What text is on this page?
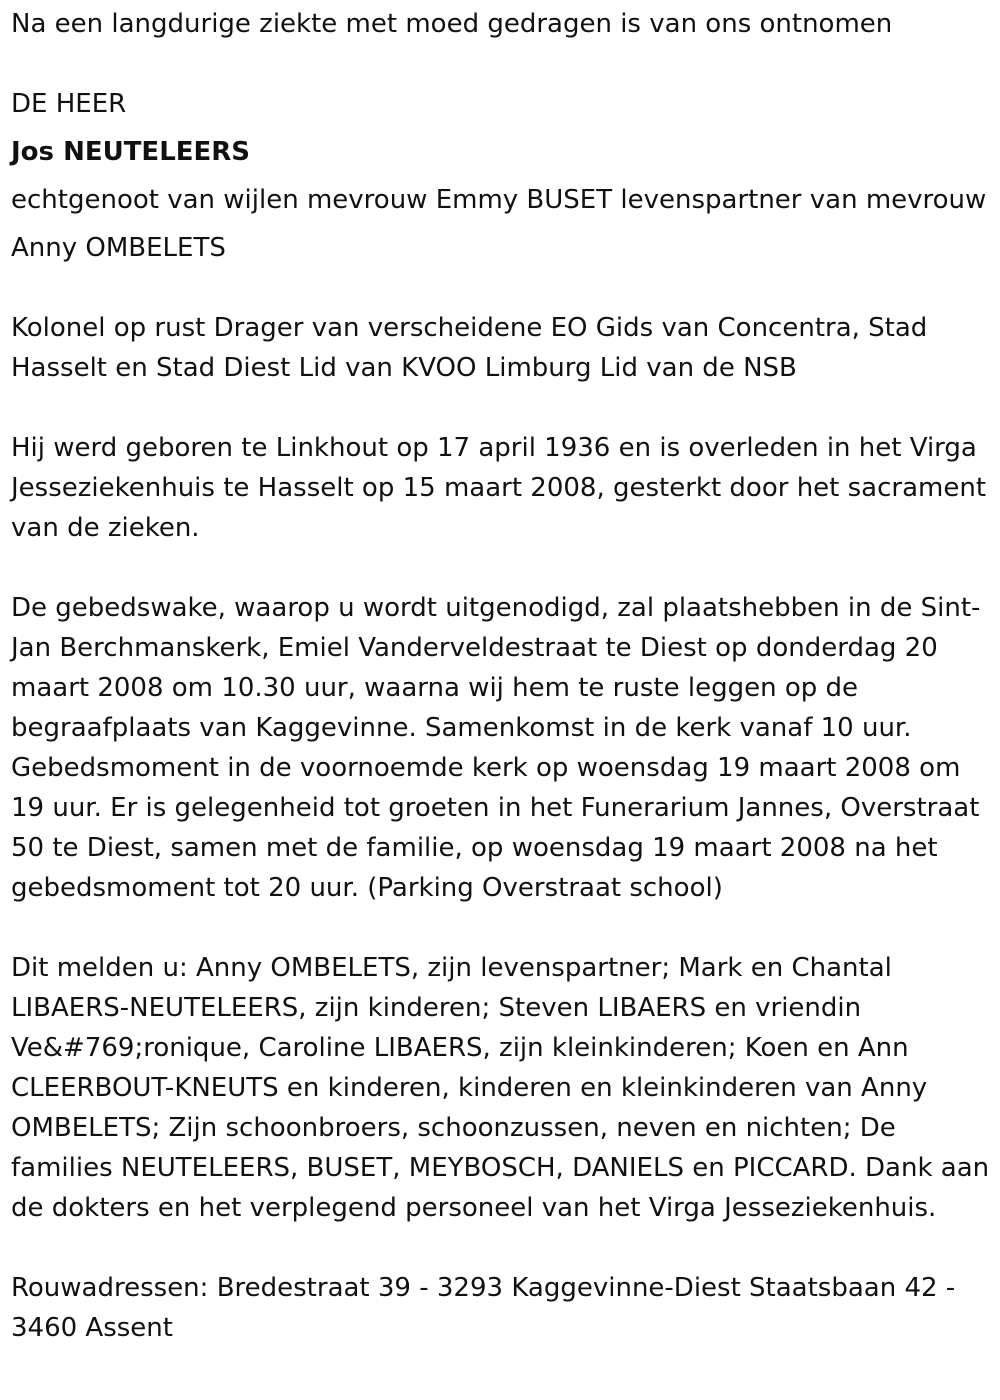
Na een langdurige ziekte met moed gedragen is van ons ontnomen

DE HEER

Jos NEUTELEERS

echtgenoot van wijlen mevrouw Emmy BUSET levenspartner van mevrouw

Anny OMBELETS

Kolonel op rust Drager van verscheidene EO Gids van Concentra, Stad Hasselt en Stad Diest Lid van KVOO Limburg Lid van de NSB

Hij werd geboren te Linkhout op 17 april 1936 en is overleden in het Virga Jesseziekenhuis te Hasselt op 15 maart 2008, gesterkt door het sacrament van de zieken.

De gebedswake, waarop u wordt uitgenodigd, zal plaatshebben in de Sint-Jan Berchmanskerk, Emiel Vanderveldestraat te Diest op donderdag 20 maart 2008 om 10.30 uur, waarna wij hem te ruste leggen op de begraafplaats van Kaggevinne. Samenkomst in de kerk vanaf 10 uur. Gebedsmoment in de voornoemde kerk op woensdag 19 maart 2008 om 19 uur. Er is gelegenheid tot groeten in het Funerarium Jannes, Overstraat 50 te Diest, samen met de familie, op woensdag 19 maart 2008 na het gebedsmoment tot 20 uur. (Parking Overstraat school)

Dit melden u: Anny OMBELETS, zijn levenspartner; Mark en Chantal LIBAERS-NEUTELEERS, zijn kinderen; Steven LIBAERS en vriendin Ve&#769;ronique, Caroline LIBAERS, zijn kleinkinderen; Koen en Ann CLEERBOUT-KNEUTS en kinderen, kinderen en kleinkinderen van Anny OMBELETS; Zijn schoonbroers, schoonzussen, neven en nichten; De families NEUTELEERS, BUSET, MEYBOSCH, DANIELS en PICCARD. Dank aan de dokters en het verplegend personeel van het Virga Jesseziekenhuis.

Rouwadressen: Bredestraat 39 - 3293 Kaggevinne-Diest Staatsbaan 42 - 3460 Assent
